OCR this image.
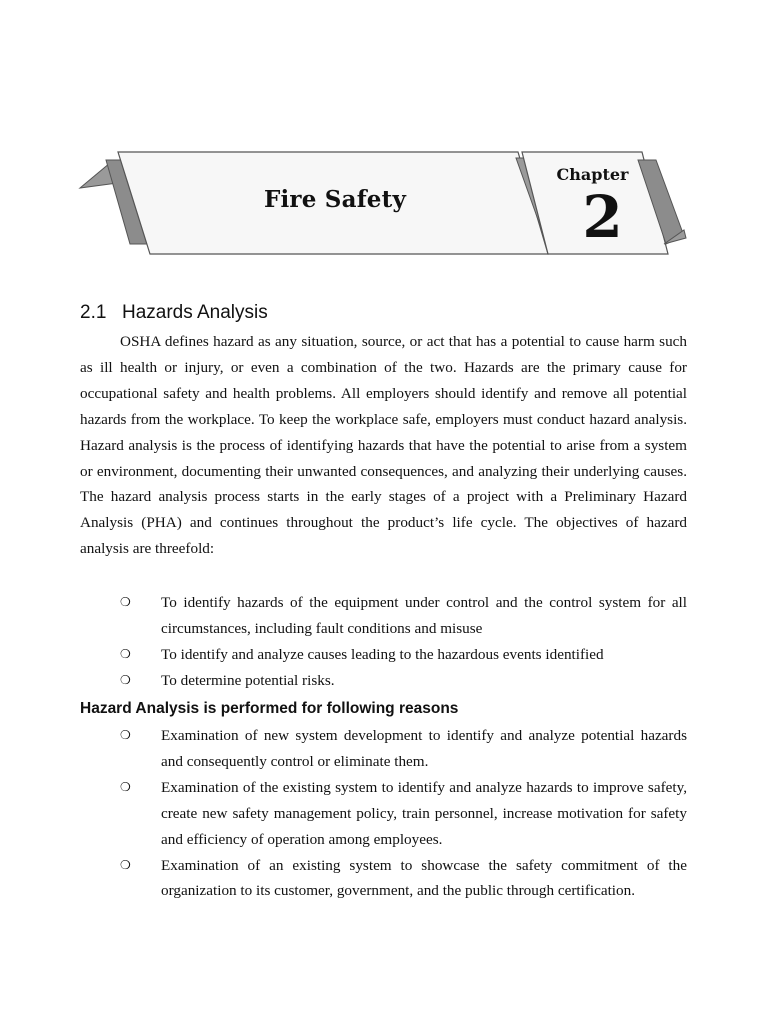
Fire Safety
Chapter
2
2.1 Hazards Analysis

OSHA defines hazard as any situation, source, or act that has a potential to cause harm such as ill health or injury, or even a combination of the two. Hazards are the primary cause for occupational safety and health problems. All employers should identify and remove all potential hazards from the workplace. To keep the workplace safe, employers must conduct hazard analysis. Hazard analysis is the process of identifying hazards that have the potential to arise from a system or environment, documenting their unwanted consequences, and analyzing their underlying causes. The hazard analysis process starts in the early stages of a project with a Preliminary Hazard Analysis (PHA) and continues throughout the product’s life cycle. The objectives of hazard analysis are threefold:

❍ To identify hazards of the equipment under control and the control system for all circumstances, including fault conditions and misuse
❍ To identify and analyze causes leading to the hazardous events identified
❍ To determine potential risks.
Hazard Analysis is performed for following reasons
❍ Examination of new system development to identify and analyze potential hazards and consequently control or eliminate them.
❍ Examination of the existing system to identify and analyze hazards to improve safety, create new safety management policy, train personnel, increase motivation for safety and efficiency of operation among employees.
❍ Examination of an existing system to showcase the safety commitment of the organization to its customer, government, and the public through certification.
